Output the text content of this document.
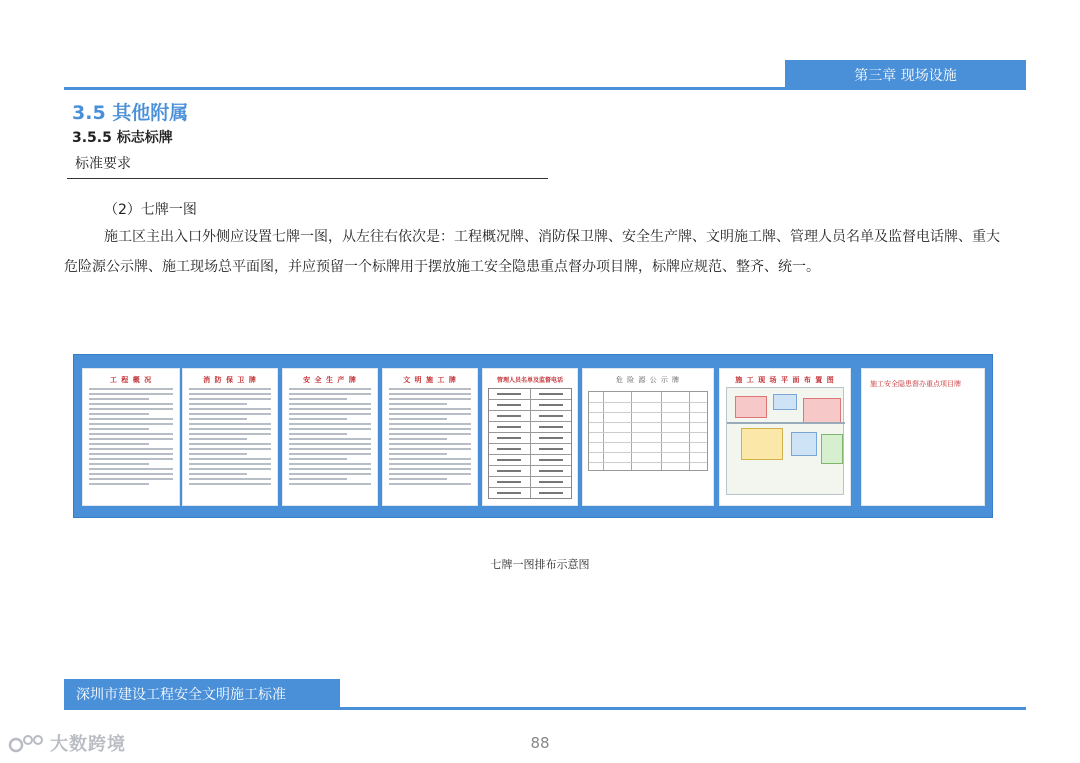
第三章 现场设施
3.5 其他附属
3.5.5 标志标牌
标准要求
（2）七牌一图
施工区主出入口外侧应设置七牌一图，从左往右依次是：工程概况牌、消防保卫牌、安全生产牌、文明施工牌、管理人员名单及监督电话牌、重大危险源公示牌、施工现场总平面图，并应预留一个标牌用于摆放施工安全隐患重点督办项目牌，标牌应规范、整齐、统一。
工 程 概 况	消 防 保 卫 牌	安 全 生 产 牌	文 明 施 工 牌	管理人员名单及监督电话	危 险 源 公 示 牌	施 工 现 场 平 面 布 置 图	施工安全隐患督办重点项目牌
七牌一图排布示意图
深圳市建设工程安全文明施工标准
88
大数跨境
